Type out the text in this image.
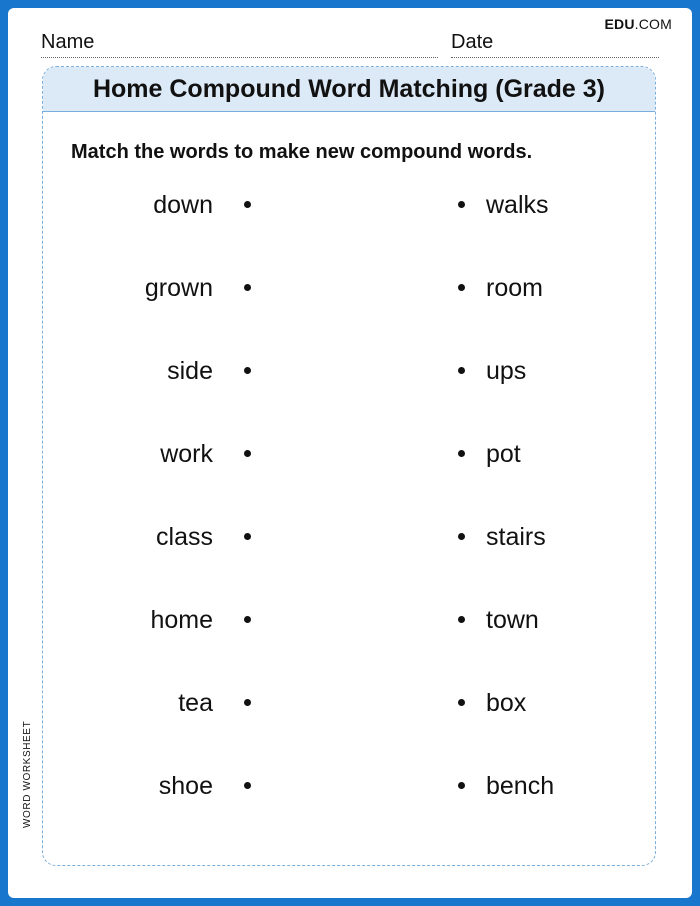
EDU.COM
Name	Date
Home Compound Word Matching (Grade 3)

Match the words to make new compound words.

down	walks
grown	room
side	ups
work	pot
class	stairs
home	town
tea	box
shoe	bench
WORD WORKSHEET
